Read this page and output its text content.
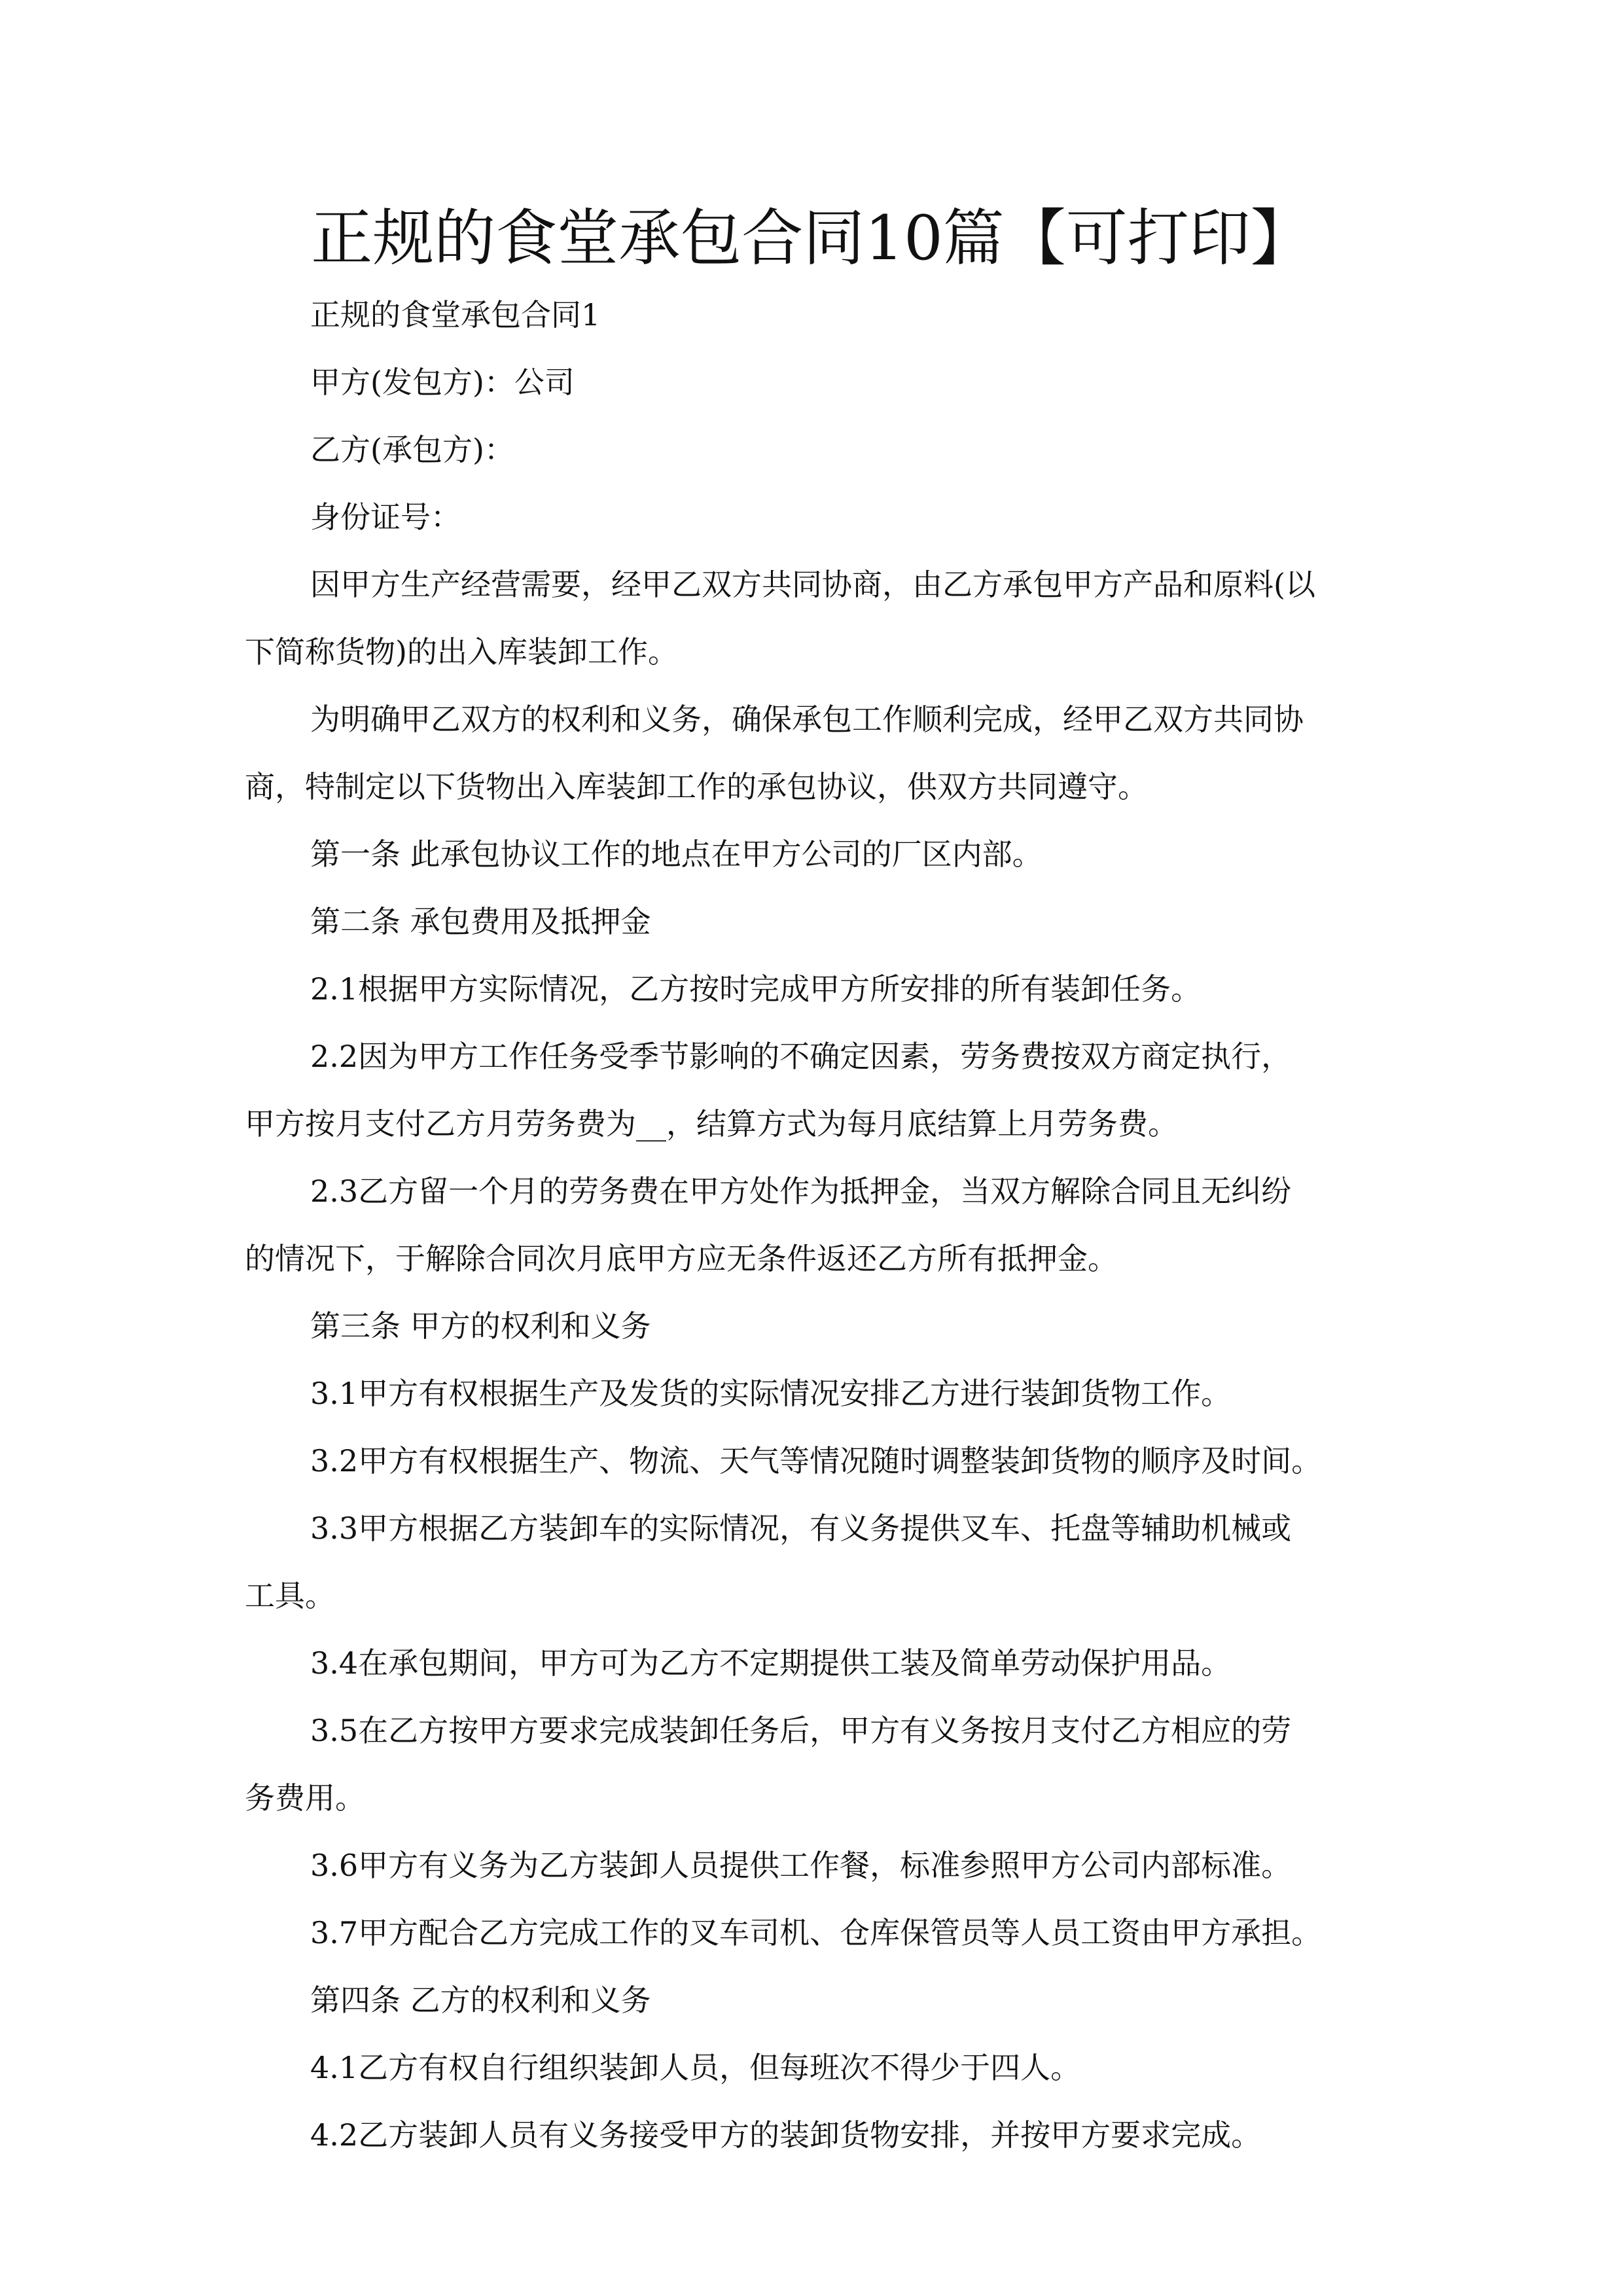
正规的食堂承包合同10篇【可打印】
正规的食堂承包合同1
甲方(发包方)：公司
乙方(承包方)：
身份证号：
因甲方生产经营需要，经甲乙双方共同协商，由乙方承包甲方产品和原料(以
下简称货物)的出入库装卸工作。
为明确甲乙双方的权利和义务，确保承包工作顺利完成，经甲乙双方共同协
商，特制定以下货物出入库装卸工作的承包协议，供双方共同遵守。
第一条 此承包协议工作的地点在甲方公司的厂区内部。
第二条 承包费用及抵押金
2.1根据甲方实际情况，乙方按时完成甲方所安排的所有装卸任务。
2.2因为甲方工作任务受季节影响的不确定因素，劳务费按双方商定执行，
甲方按月支付乙方月劳务费为__，结算方式为每月底结算上月劳务费。
2.3乙方留一个月的劳务费在甲方处作为抵押金，当双方解除合同且无纠纷
的情况下，于解除合同次月底甲方应无条件返还乙方所有抵押金。
第三条 甲方的权利和义务
3.1甲方有权根据生产及发货的实际情况安排乙方进行装卸货物工作。
3.2甲方有权根据生产、物流、天气等情况随时调整装卸货物的顺序及时间。
3.3甲方根据乙方装卸车的实际情况，有义务提供叉车、托盘等辅助机械或
工具。
3.4在承包期间，甲方可为乙方不定期提供工装及简单劳动保护用品。
3.5在乙方按甲方要求完成装卸任务后，甲方有义务按月支付乙方相应的劳
务费用。
3.6甲方有义务为乙方装卸人员提供工作餐，标准参照甲方公司内部标准。
3.7甲方配合乙方完成工作的叉车司机、仓库保管员等人员工资由甲方承担。
第四条 乙方的权利和义务
4.1乙方有权自行组织装卸人员，但每班次不得少于四人。
4.2乙方装卸人员有义务接受甲方的装卸货物安排，并按甲方要求完成。
